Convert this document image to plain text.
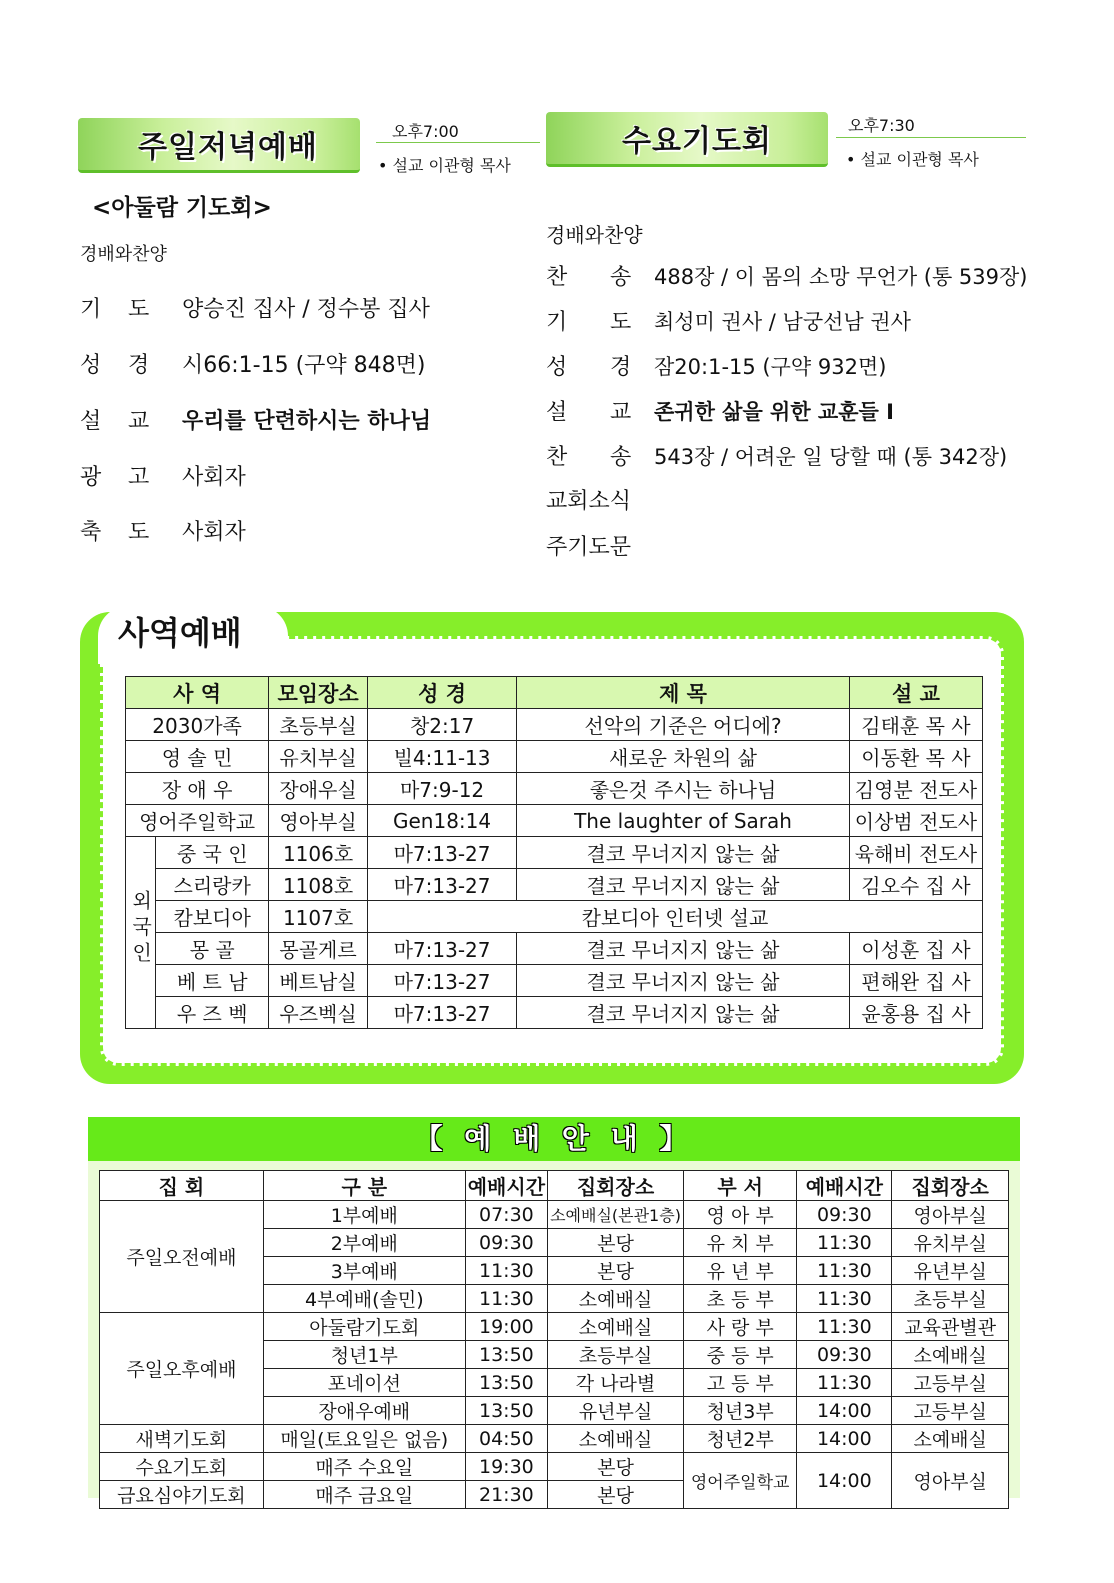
주일저녁예배	오후7:00
• 설교 이관형 목사
<아둘람 기도회>
경배와찬양
기 도 양승진 집사 / 정수봉 집사
성 경 시66:1-15 (구약 848면)
설 교 우리를 단련하시는 하나님
광 고 사회자
축 도 사회자
수요기도회	오후7:30
• 설교 이관형 목사
경배와찬양
찬 송 488장 / 이 몸의 소망 무언가 (통 539장)
기 도 최성미 권사 / 남궁선남 권사
성 경 잠20:1-15 (구약 932면)
설 교 존귀한 삶을 위한 교훈들 Ⅰ
찬 송 543장 / 어려운 일 당할 때 (통 342장)
교회소식
주기도문
사역예배
사 역		모임장소	성 경	제 목	설 교
2030가족		초등부실	창2:17	선악의 기준은 어디에?	김태훈 목 사
영 솔 민		유치부실	빌4:11-13	새로운 차원의 삶	이동환 목 사
장 애 우		장애우실	마7:9-12	좋은것 주시는 하나님	김영분 전도사
영어주일학교		영아부실	Gen18:14	The laughter of Sarah	이상범 전도사
외국인	중 국 인	1106호	마7:13-27	결코 무너지지 않는 삶	육해비 전도사
	스리랑카	1108호	마7:13-27	결코 무너지지 않는 삶	김오수 집 사
	캄보디아	1107호	캄보디아 인터넷 설교		
	몽 골	몽골게르	마7:13-27	결코 무너지지 않는 삶	이성훈 집 사
	베 트 남	베트남실	마7:13-27	결코 무너지지 않는 삶	편해완 집 사
	우 즈 벡	우즈벡실	마7:13-27	결코 무너지지 않는 삶	윤홍용 집 사
【 예 배 안 내 】
집 회	구 분	예배시간	집회장소	부 서	예배시간	집회장소
주일오전예배	1부예배	07:30	소예배실(본관1층)	영 아 부	09:30	영아부실
	2부예배	09:30	본당	유 치 부	11:30	유치부실
	3부예배	11:30	본당	유 년 부	11:30	유년부실
	4부예배(솔민)	11:30	소예배실	초 등 부	11:30	초등부실
주일오후예배	아둘람기도회	19:00	소예배실	사 랑 부	11:30	교육관별관
	청년1부	13:50	초등부실	중 등 부	09:30	소예배실
	포네이션	13:50	각 나라별	고 등 부	11:30	고등부실
	장애우예배	13:50	유년부실	청년3부	14:00	고등부실
새벽기도회	매일(토요일은 없음)	04:50	소예배실	청년2부	14:00	소예배실
수요기도회	매주 수요일	19:30	본당	영어주일학교	14:00	영아부실
금요심야기도회	매주 금요일	21:30	본당			
